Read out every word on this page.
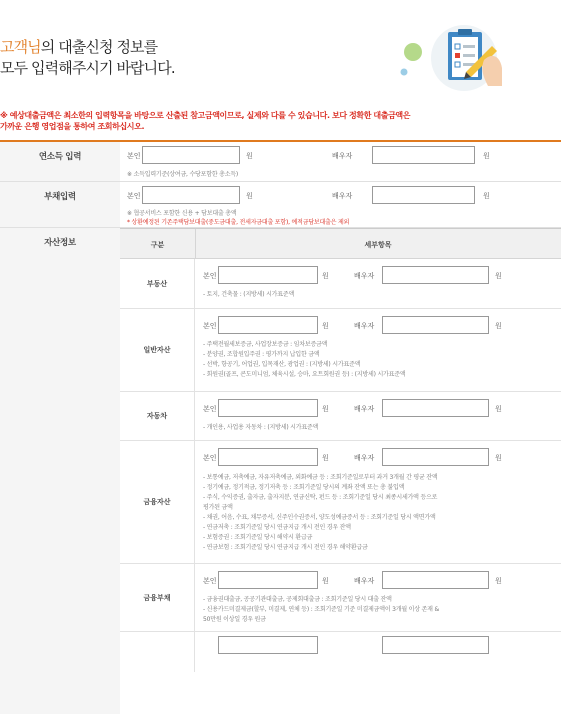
고객님의 대출신청 정보를
모두 입력해주시기 바랍니다.
※ 예상대출금액은 최소한의 입력항목을 바탕으로 산출된 참고금액이므로, 실제와 다를 수 있습니다. 보다 정확한 대출금액은
가까운 은행 영업점을 통하여 조회하십시오.
연소득 입력	본인	원	배우자	원
※ 소득입력기준(상여금, 수당포함한 총소득)
부채입력	본인	원	배우자	원
※ 협공서비스 포함한 신용 + 담보대출 총액
* 상환예정된 기존주택담보대출(중도금대출, 전세자금대출 포함), 예적금담보대출은 제외
자산정보	구분	세부항목
부동산
본인	원	배우자	원
- 토지, 건축물 : (지방세) 시가표준액
일반자산
본인	원	배우자	원
- 주택전월세보증금, 사업장보증금 : 임차보증금액
- 분양권, 조합원입주권 : 평가까지 납입한 금액
- 선박, 항공기, 어업권, 입목재산, 광업권 : (지방세) 시가표준액
- 회원권(골프, 콘도미니엄, 체육시설, 승마, 요트회원권 등) : (지방세) 시가표준액
자동차
본인	원	배우자	원
- 개인용, 사업용 자동차 : (지방세) 시가표준액
금융자산
본인	원	배우자	원
- 보통예금, 저축예금, 자유저축예금, 외화예금 등 : 조회기준일로부터 과거 3개월 간 평균 잔액
- 정기예금, 정기적금, 정기저축 등 : 조회기준일 당시의 계좌 잔액 또는 총 불입액
- 주식, 수익증권, 출자금, 출자지분, 연금신탁, 펀드 등 : 조회기준일 당시 최종시세가액 등으로
평가된 금액
- 채권, 어음, 수표, 채무증서, 신주인수권증서, 양도성예금증서 등 : 조회기준일 당시 액면가액
- 연금저축 : 조회기준일 당시 연금지급 개시 전인 경우 잔액
- 보험증권 : 조회기준일 당시 해약시 환급금
- 연금보험 : 조회기준일 당시 연금지급 개시 전인 경우 해약환급금
금융부채
본인	원	배우자	원
- 금융권대출금, 공공기관대출금, 공제회대출금 : 조회기준일 당시 대출 잔액
- 신용카드미결제금(할부, 미결제, 연체 등) : 조회기준일 기준 미결제금액이 3개월 이상 존재 &
50만원 이상일 경우 원금
